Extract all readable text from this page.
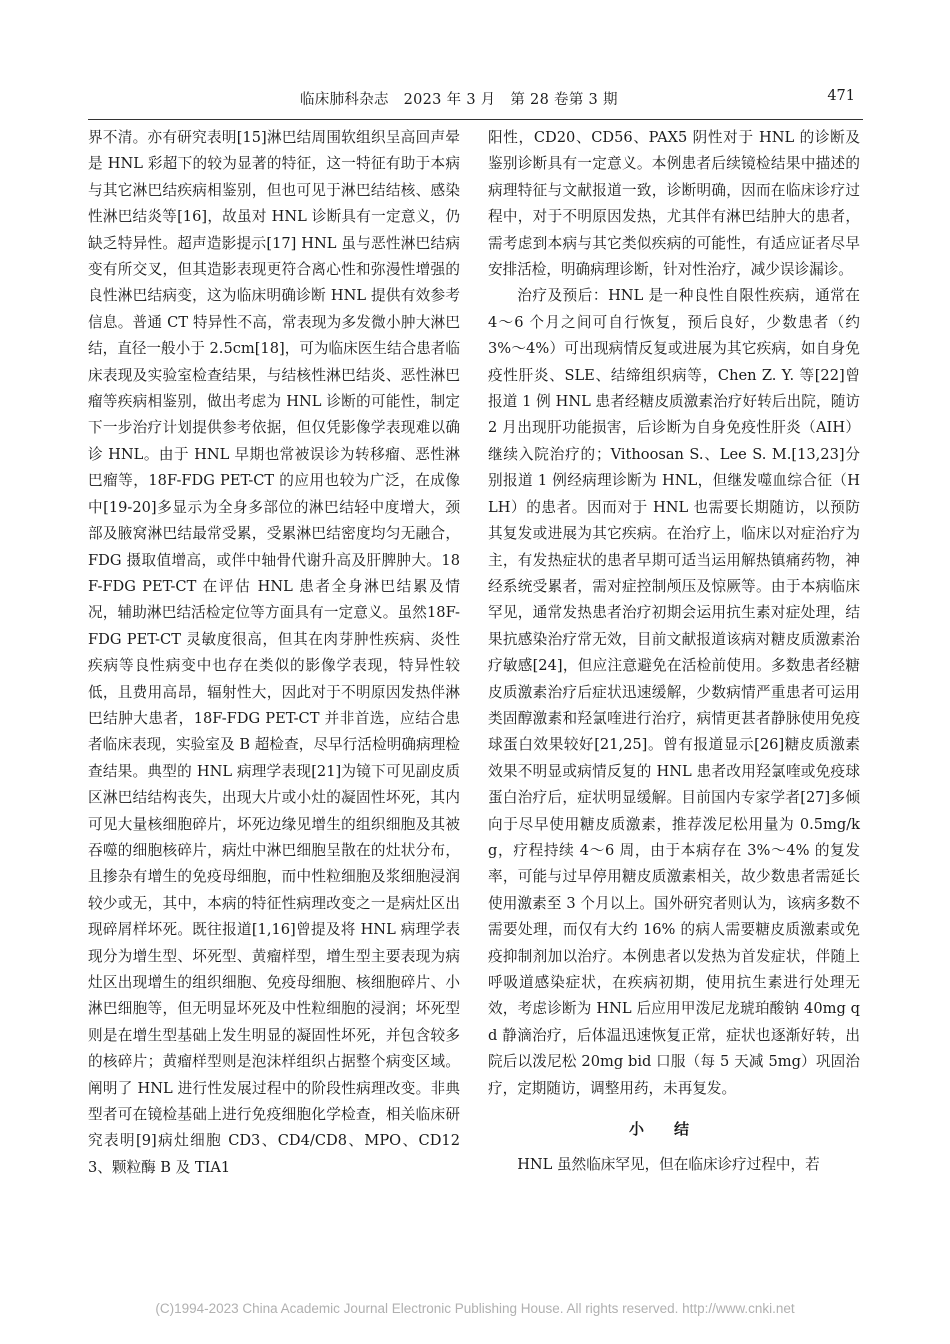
临床肺科杂志　2023 年 3 月　第 28 卷第 3 期	471

界不清。亦有研究表明[15]淋巴结周围软组织呈高回声晕是 HNL 彩超下的较为显著的特征，这一特征有助于本病与其它淋巴结疾病相鉴别，但也可见于淋巴结结核、感染性淋巴结炎等[16]，故虽对 HNL 诊断具有一定意义，仍缺乏特异性。超声造影提示[17] HNL 虽与恶性淋巴结病变有所交叉，但其造影表现更符合离心性和弥漫性增强的良性淋巴结病变，这为临床明确诊断 HNL 提供有效参考信息。普通 CT 特异性不高，常表现为多发微小肿大淋巴结，直径一般小于 2.5cm[18]，可为临床医生结合患者临床表现及实验室检查结果，与结核性淋巴结炎、恶性淋巴瘤等疾病相鉴别，做出考虑为 HNL 诊断的可能性，制定下一步治疗计划提供参考依据，但仅凭影像学表现难以确诊 HNL。由于 HNL 早期也常被误诊为转移瘤、恶性淋巴瘤等，18F-FDG PET-CT 的应用也较为广泛，在成像中[19-20]多显示为全身多部位的淋巴结轻中度增大，颈部及腋窝淋巴结最常受累，受累淋巴结密度均匀无融合，FDG 摄取值增高，或伴中轴骨代谢升高及肝脾肿大。18F-FDG PET-CT 在评估 HNL 患者全身淋巴结累及情况，辅助淋巴结活检定位等方面具有一定意义。虽然18F-FDG PET-CT 灵敏度很高，但其在肉芽肿性疾病、炎性疾病等良性病变中也存在类似的影像学表现，特异性较低，且费用高昂，辐射性大，因此对于不明原因发热伴淋巴结肿大患者，18F-FDG PET-CT 并非首选，应结合患者临床表现，实验室及 B 超检查，尽早行活检明确病理检查结果。典型的 HNL 病理学表现[21]为镜下可见副皮质区淋巴结结构丧失，出现大片或小灶的凝固性坏死，其内可见大量核细胞碎片，坏死边缘见增生的组织细胞及其被吞噬的细胞核碎片，病灶中淋巴细胞呈散在的灶状分布，且掺杂有增生的免疫母细胞，而中性粒细胞及浆细胞浸润较少或无，其中，本病的特征性病理改变之一是病灶区出现碎屑样坏死。既往报道[1,16]曾提及将 HNL 病理学表现分为增生型、坏死型、黄瘤样型，增生型主要表现为病灶区出现增生的组织细胞、免疫母细胞、核细胞碎片、小淋巴细胞等，但无明显坏死及中性粒细胞的浸润；坏死型则是在增生型基础上发生明显的凝固性坏死，并包含较多的核碎片；黄瘤样型则是泡沫样组织占据整个病变区域。阐明了 HNL 进行性发展过程中的阶段性病理改变。非典型者可在镜检基础上进行免疫细胞化学检查，相关临床研究表明[9]病灶细胞 CD3、CD4/CD8、MPO、CD123、颗粒酶 B 及 TIA1

阳性，CD20、CD56、PAX5 阴性对于 HNL 的诊断及鉴别诊断具有一定意义。本例患者后续镜检结果中描述的病理特征与文献报道一致，诊断明确，因而在临床诊疗过程中，对于不明原因发热，尤其伴有淋巴结肿大的患者，需考虑到本病与其它类似疾病的可能性，有适应证者尽早安排活检，明确病理诊断，针对性治疗，减少误诊漏诊。

治疗及预后：HNL 是一种良性自限性疾病，通常在 4～6 个月之间可自行恢复，预后良好，少数患者（约 3%～4%）可出现病情反复或进展为其它疾病，如自身免疫性肝炎、SLE、结缔组织病等，Chen Z. Y. 等[22]曾报道 1 例 HNL 患者经糖皮质激素治疗好转后出院，随访 2 月出现肝功能损害，后诊断为自身免疫性肝炎（AIH）继续入院治疗的；Vithoosan S.、Lee S. M.[13,23]分别报道 1 例经病理诊断为 HNL，但继发噬血综合征（HLH）的患者。因而对于 HNL 也需要长期随访，以预防其复发或进展为其它疾病。在治疗上，临床以对症治疗为主，有发热症状的患者早期可适当运用解热镇痛药物，神经系统受累者，需对症控制颅压及惊厥等。由于本病临床罕见，通常发热患者治疗初期会运用抗生素对症处理，结果抗感染治疗常无效，目前文献报道该病对糖皮质激素治疗敏感[24]，但应注意避免在活检前使用。多数患者经糖皮质激素治疗后症状迅速缓解，少数病情严重患者可运用类固醇激素和羟氯喹进行治疗，病情更甚者静脉使用免疫球蛋白效果较好[21,25]。曾有报道显示[26]糖皮质激素效果不明显或病情反复的 HNL 患者改用羟氯喹或免疫球蛋白治疗后，症状明显缓解。目前国内专家学者[27]多倾向于尽早使用糖皮质激素，推荐泼尼松用量为 0.5mg/kg，疗程持续 4～6 周，由于本病存在 3%～4% 的复发率，可能与过早停用糖皮质激素相关，故少数患者需延长使用激素至 3 个月以上。国外研究者则认为，该病多数不需要处理，而仅有大约 16% 的病人需要糖皮质激素或免疫抑制剂加以治疗。本例患者以发热为首发症状，伴随上呼吸道感染症状，在疾病初期，使用抗生素进行处理无效，考虑诊断为 HNL 后应用甲泼尼龙琥珀酸钠 40mg qd 静滴治疗，后体温迅速恢复正常，症状也逐渐好转，出院后以泼尼松 20mg bid 口服（每 5 天减 5mg）巩固治疗，定期随访，调整用药，未再复发。

小结

HNL 虽然临床罕见，但在临床诊疗过程中，若

(C)1994-2023 China Academic Journal Electronic Publishing House. All rights reserved. http://www.cnki.net
